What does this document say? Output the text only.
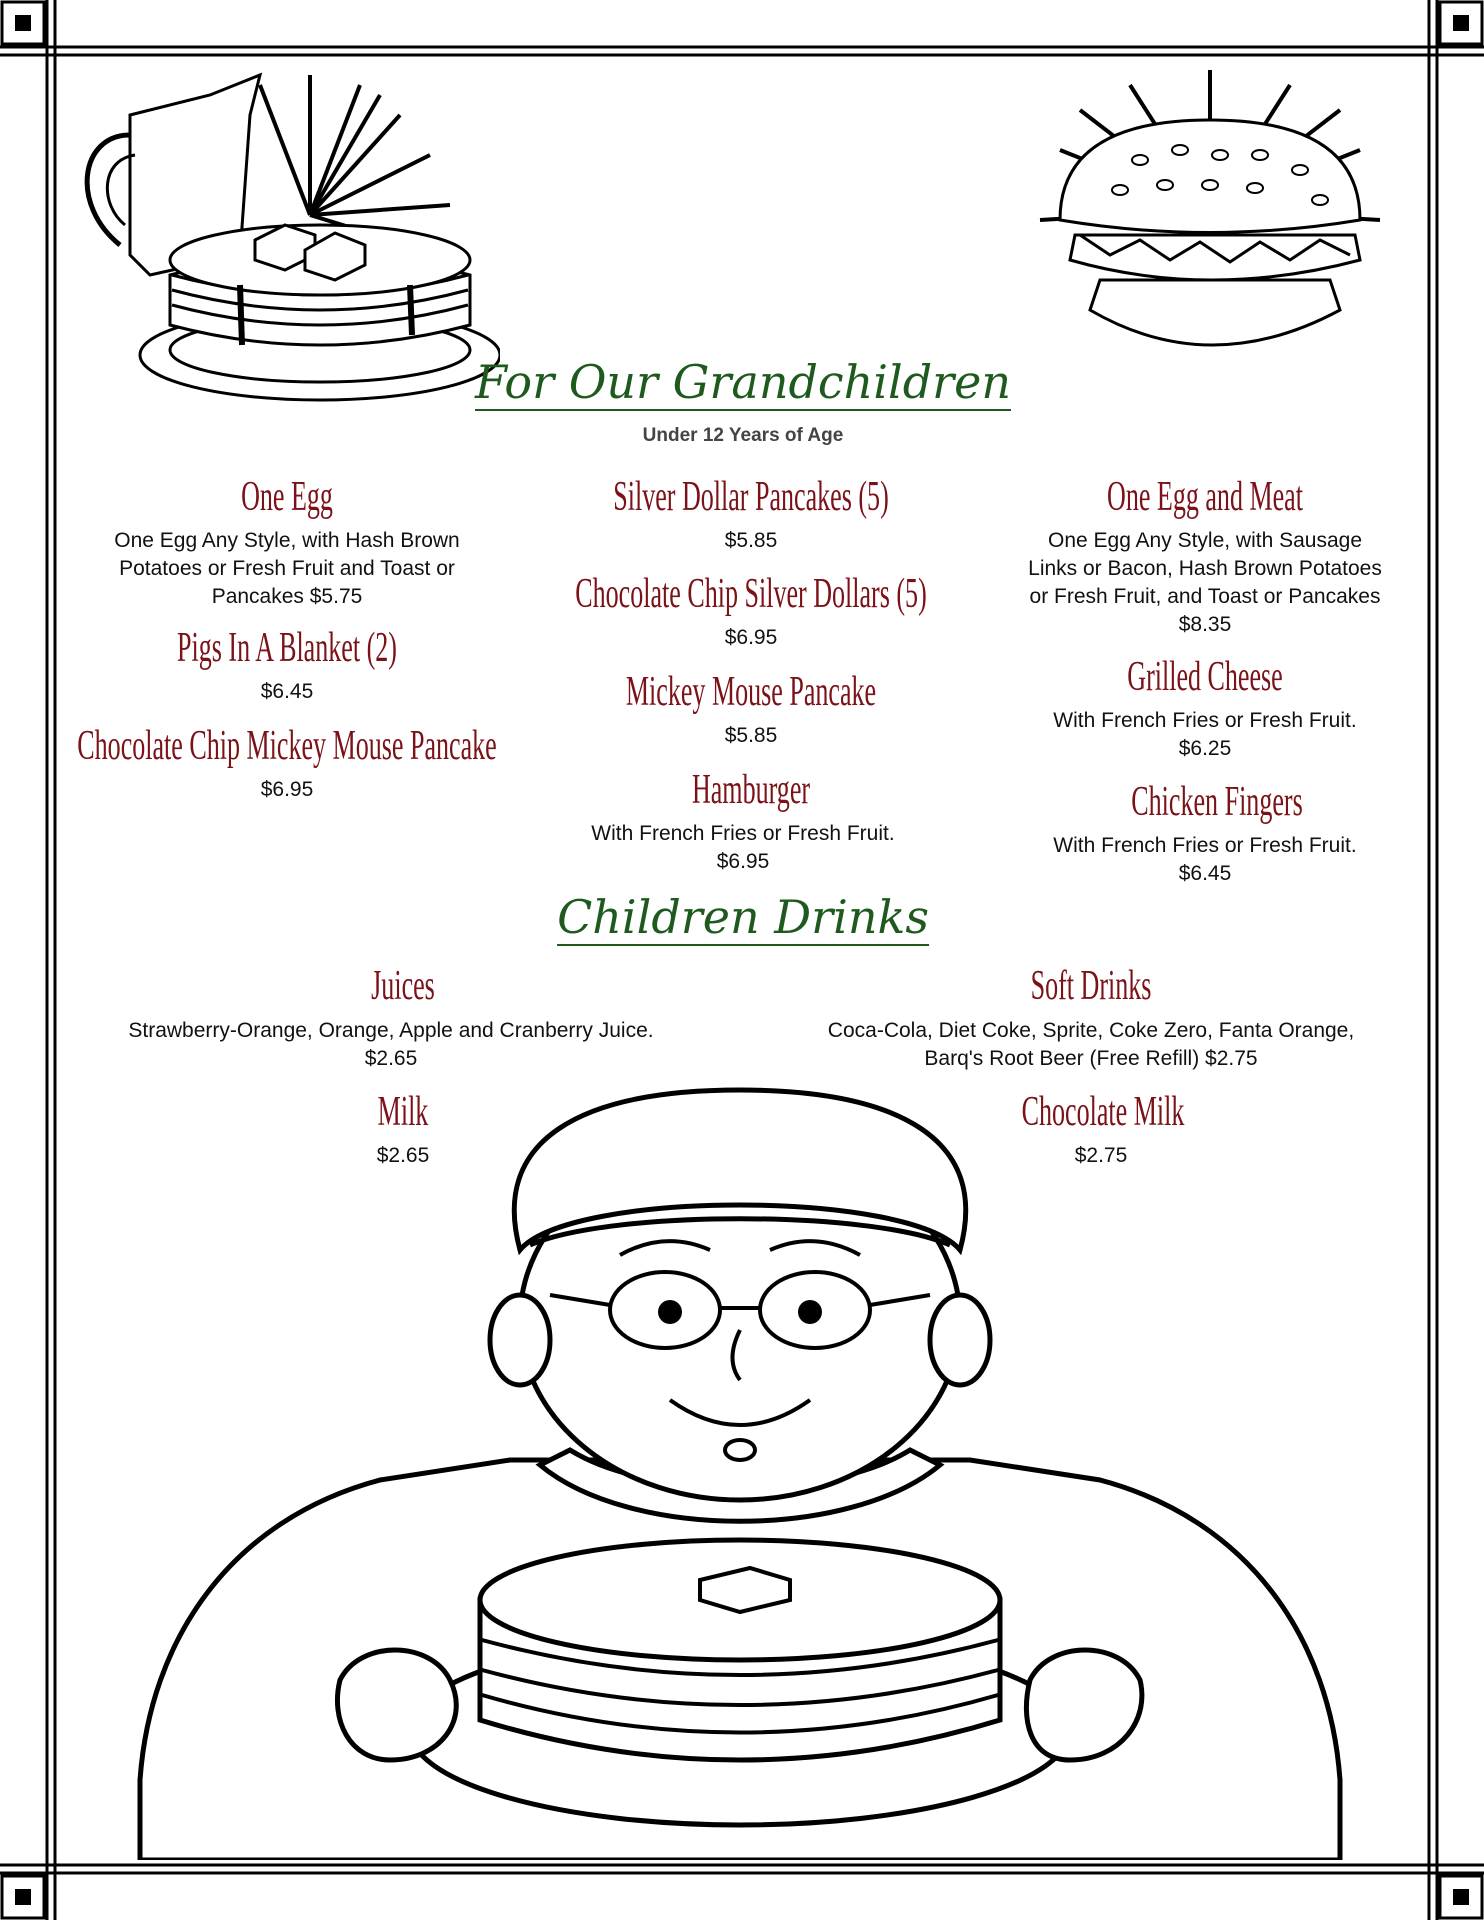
For Our Grandchildren
Under 12 Years of Age
One Egg
One Egg Any Style, with Hash Brown
Potatoes or Fresh Fruit and Toast or
Pancakes $5.75
Pigs In A Blanket (2)
$6.45
Chocolate Chip Mickey Mouse Pancake
$6.95
Silver Dollar Pancakes (5)
$5.85
Chocolate Chip Silver Dollars (5)
$6.95
Mickey Mouse Pancake
$5.85
Hamburger
With French Fries or Fresh Fruit.
$6.95
One Egg and Meat
One Egg Any Style, with Sausage
Links or Bacon, Hash Brown Potatoes
or Fresh Fruit, and Toast or Pancakes
$8.35
Grilled Cheese
With French Fries or Fresh Fruit.
$6.25
Chicken Fingers
With French Fries or Fresh Fruit.
$6.45
Children Drinks
Juices
Strawberry-Orange, Orange, Apple and Cranberry Juice.
$2.65
Milk
$2.65
Soft Drinks
Coca-Cola, Diet Coke, Sprite, Coke Zero, Fanta Orange,
Barq's Root Beer (Free Refill) $2.75
Chocolate Milk
$2.75
